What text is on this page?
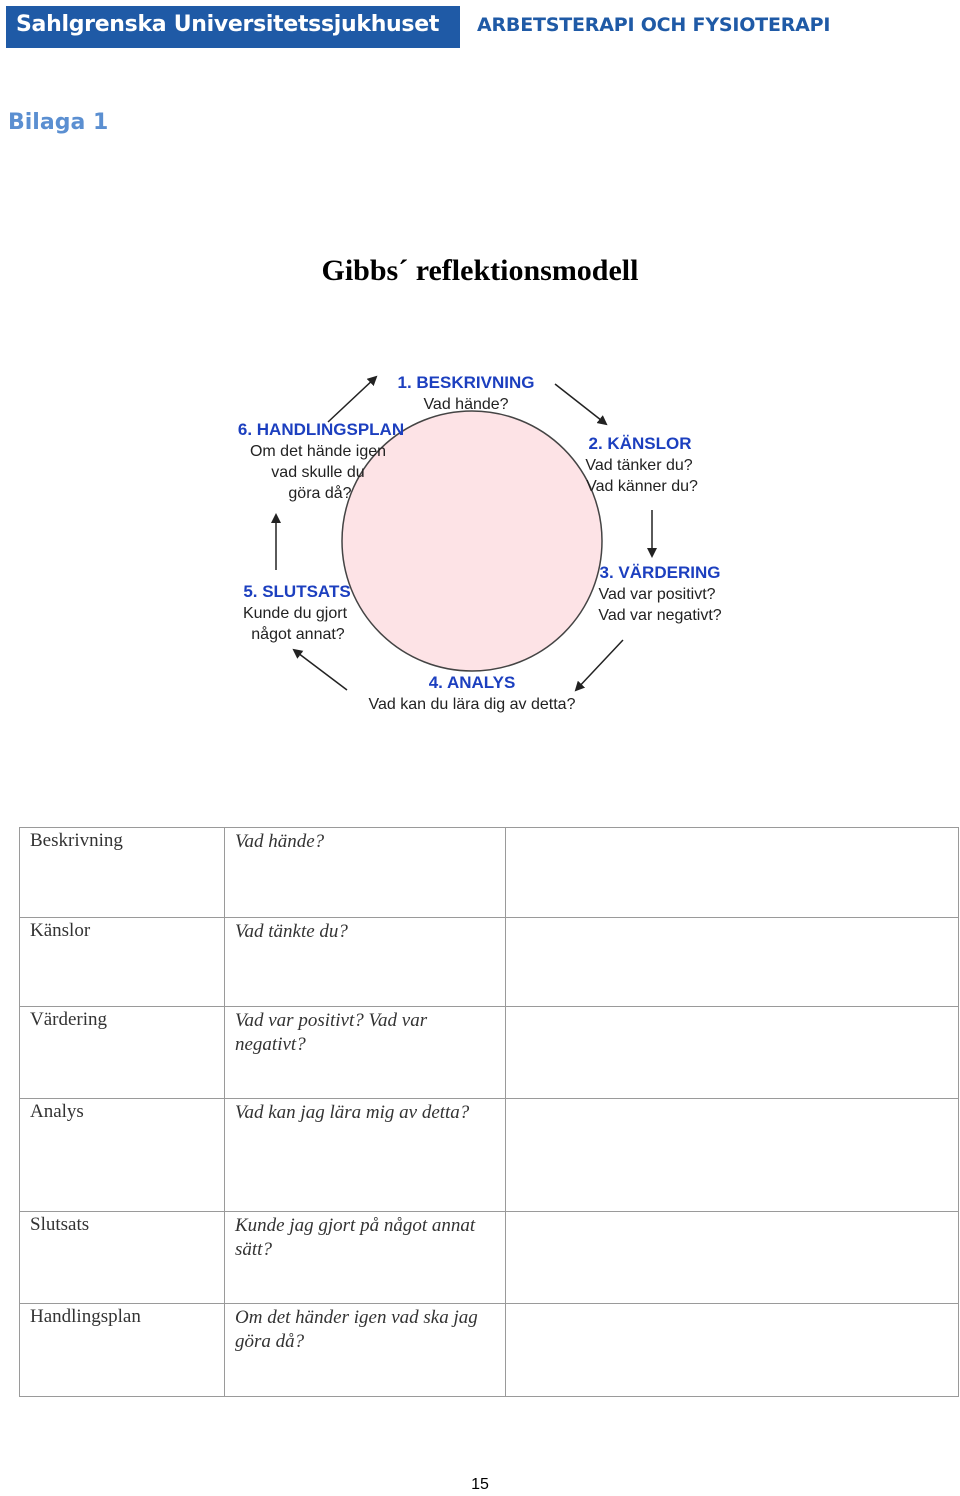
Sahlgrenska Universitetssjukhuset ARBETSTERAPI OCH FYSIOTERAPI
Bilaga 1
Gibbs´ reflektionsmodell
1. BESKRIVNING
Vad hände?
2. KÄNSLOR
Vad tänker du?
Vad känner du?
3. VÄRDERING
Vad var positivt?
Vad var negativt?
4. ANALYS
Vad kan du lära dig av detta?
5. SLUTSATS
Kunde du gjort
något annat?
6. HANDLINGSPLAN
Om det hände igen
vad skulle du
göra då?
Beskrivning	Vad hände?	
Känslor	Vad tänkte du?	
Värdering	Vad var positivt? Vad var negativt?	
Analys	Vad kan jag lära mig av detta?	
Slutsats	Kunde jag gjort på något annat sätt?	
Handlingsplan	Om det händer igen vad ska jag göra då?	
15
